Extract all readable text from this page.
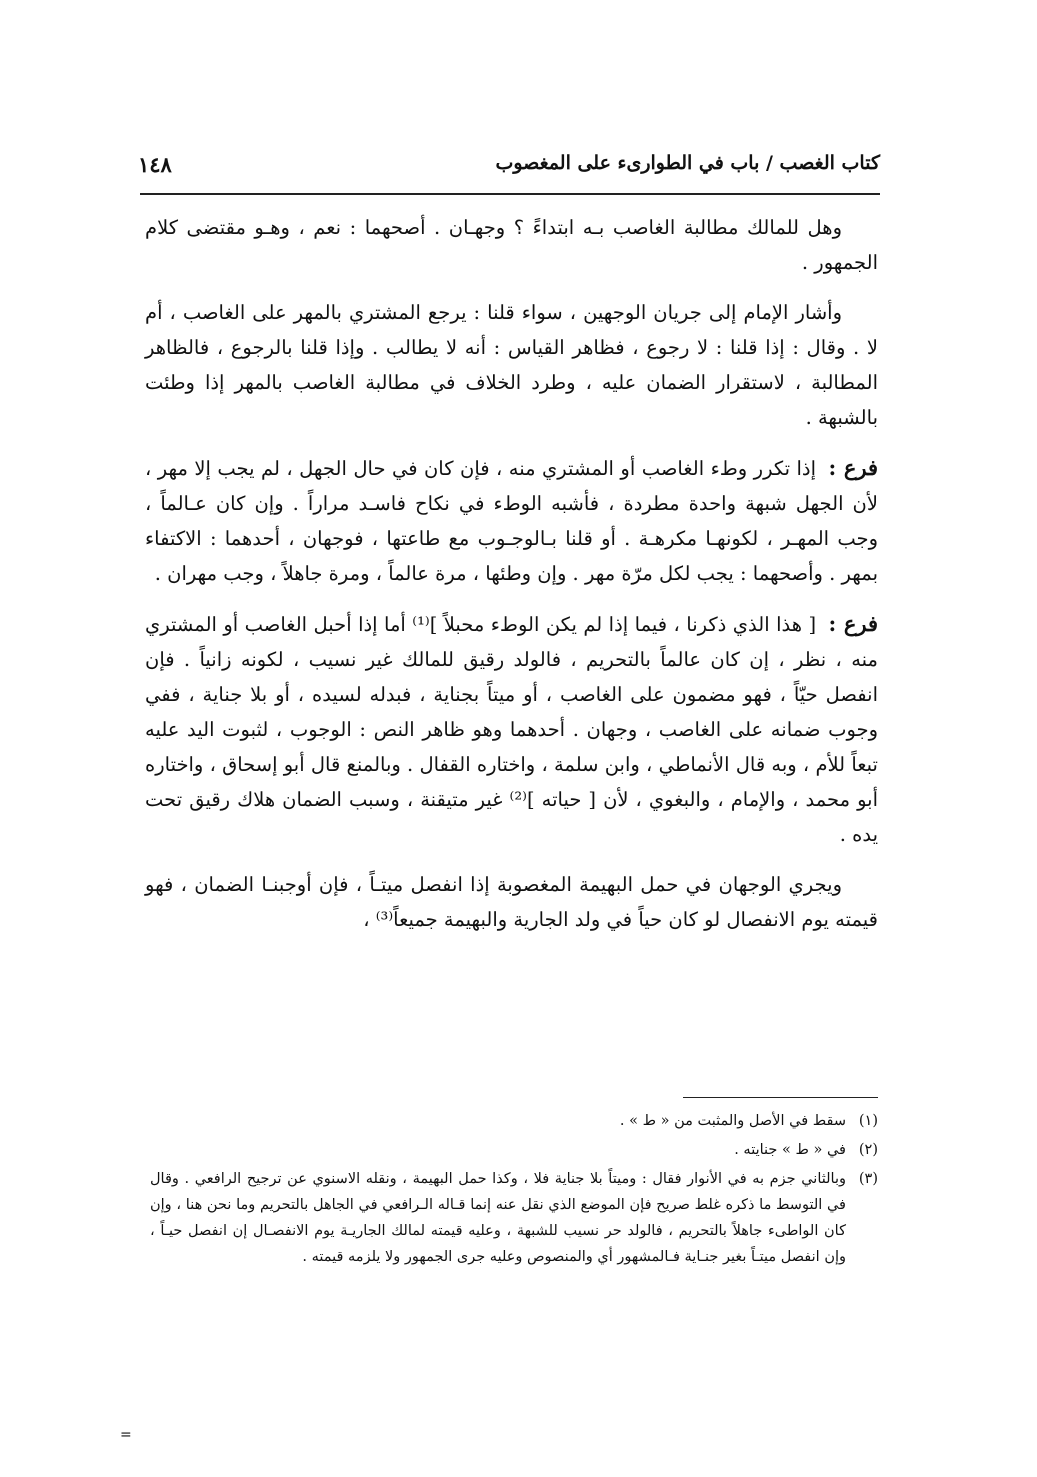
كتاب الغصب / باب في الطوارىء على المغصوب
١٤٨

وهل للمالك مطالبة الغاصب بـه ابتداءً ؟ وجهـان . أصحهما : نعم ، وهـو مقتضى كلام الجمهور .

وأشار الإمام إلى جريان الوجهين ، سواء قلنا : يرجع المشتري بالمهر على الغاصب ، أم لا . وقال : إذا قلنا : لا رجوع ، فظاهر القياس : أنه لا يطالب . وإذا قلنا بالرجوع ، فالظاهر المطالبة ، لاستقرار الضمان عليه ، وطرد الخلاف في مطالبة الغاصب بالمهر إذا وطئت بالشبهة .

فرع : إذا تكرر وطء الغاصب أو المشتري منه ، فإن كان في حال الجهل ، لم يجب إلا مهر ، لأن الجهل شبهة واحدة مطردة ، فأشبه الوطء في نكاح فاسـد مراراً . وإن كان عـالماً ، وجب المهـر ، لكونهـا مكرهـة . أو قلنا بـالوجـوب مع طاعتها ، فوجهان ، أحدهما : الاكتفاء بمهر . وأصحهما : يجب لكل مرّة مهر . وإن وطئها ، مرة عالماً ، ومرة جاهلاً ، وجب مهران .

فرع : [ هذا الذي ذكرنا ، فيما إذا لم يكن الوطء محبلاً ]⁽¹⁾ أما إذا أحبل الغاصب أو المشتري منه ، نظر ، إن كان عالماً بالتحريم ، فالولد رقيق للمالك غير نسيب ، لكونه زانياً . فإن انفصل حيّاً ، فهو مضمون على الغاصب ، أو ميتاً بجناية ، فبدله لسيده ، أو بلا جناية ، ففي وجوب ضمانه على الغاصب ، وجهان . أحدهما وهو ظاهر النص : الوجوب ، لثبوت اليد عليه تبعاً للأم ، وبه قال الأنماطي ، وابن سلمة ، واختاره القفال . وبالمنع قال أبو إسحاق ، واختاره أبو محمد ، والإمام ، والبغوي ، لأن [ حياته ]⁽²⁾ غير متيقنة ، وسبب الضمان هلاك رقيق تحت يده .

ويجري الوجهان في حمل البهيمة المغصوبة إذا انفصل ميتـاً ، فإن أوجبنـا الضمان ، فهو قيمته يوم الانفصال لو كان حياً في ولد الجارية والبهيمة جميعاً⁽³⁾ ،

(١)
سقط في الأصل والمثبت من « ط » .
(٢)
في « ط » جنايته .
(٣)
وبالثاني جزم به في الأنوار فقال : وميتاً بلا جناية فلا ، وكذا حمل البهيمة ، ونقله الاسنوي عن ترجيح الرافعي . وقال في التوسط ما ذكره غلط صريح فإن الموضع الذي نقل عنه إنما قـاله الـرافعي في الجاهل بالتحريم وما نحن هنا ، وإن كان الواطىء جاهلاً بالتحريم ، فالولد حر نسيب للشبهة ، وعليه قيمته لمالك الجاريـة يوم الانفصـال إن انفصل حيـاً ، وإن انفصل ميتـاً بغير جنـاية فـالمشهور أي والمنصوص وعليه جرى الجمهور ولا يلزمه قيمته .
=
